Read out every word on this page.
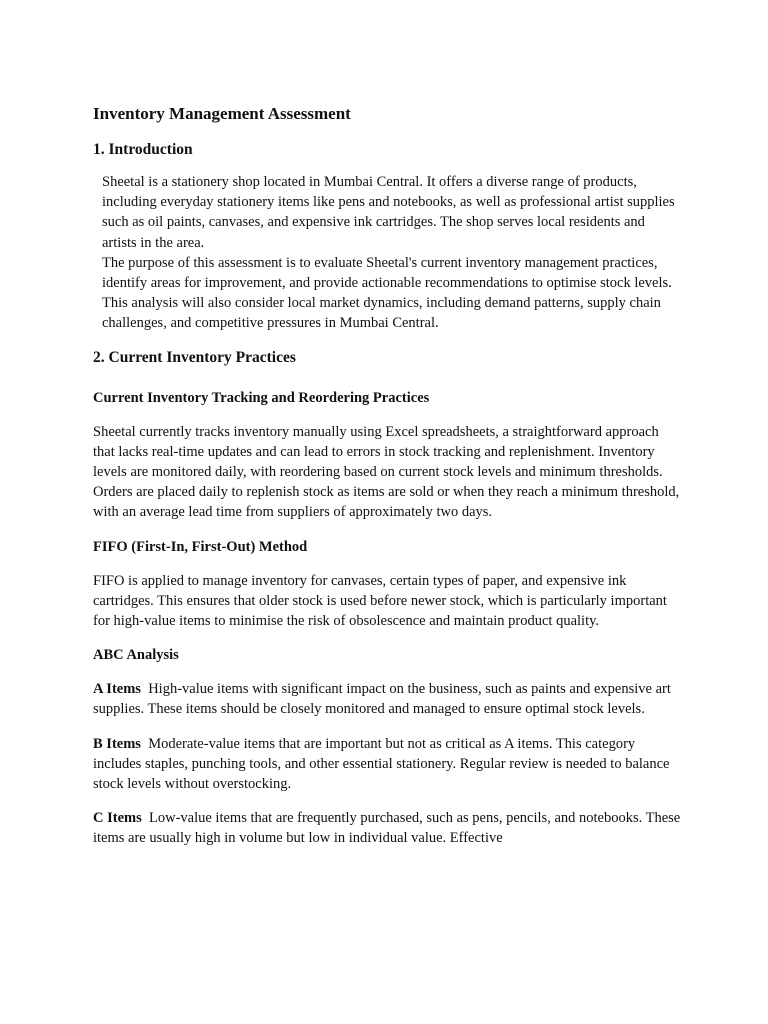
Inventory Management Assessment
1. Introduction

Sheetal is a stationery shop located in Mumbai Central. It offers a diverse range of products, including everyday stationery items like pens and notebooks, as well as professional artist supplies such as oil paints, canvases, and expensive ink cartridges. The shop serves local residents and artists in the area.

The purpose of this assessment is to evaluate Sheetal's current inventory management practices, identify areas for improvement, and provide actionable recommendations to optimise stock levels. This analysis will also consider local market dynamics, including demand patterns, supply chain challenges, and competitive pressures in Mumbai Central.

2. Current Inventory Practices
Current Inventory Tracking and Reordering Practices

Sheetal currently tracks inventory manually using Excel spreadsheets, a straightforward approach that lacks real-time updates and can lead to errors in stock tracking and replenishment. Inventory levels are monitored daily, with reordering based on current stock levels and minimum thresholds. Orders are placed daily to replenish stock as items are sold or when they reach a minimum threshold, with an average lead time from suppliers of approximately two days.

FIFO (First-In, First-Out) Method

FIFO is applied to manage inventory for canvases, certain types of paper, and expensive ink cartridges. This ensures that older stock is used before newer stock, which is particularly important for high-value items to minimise the risk of obsolescence and maintain product quality.

ABC Analysis

A Items High-value items with significant impact on the business, such as paints and expensive art supplies. These items should be closely monitored and managed to ensure optimal stock levels.

B Items Moderate-value items that are important but not as critical as A items. This category includes staples, punching tools, and other essential stationery. Regular review is needed to balance stock levels without overstocking.

C Items Low-value items that are frequently purchased, such as pens, pencils, and notebooks. These items are usually high in volume but low in individual value. Effective
